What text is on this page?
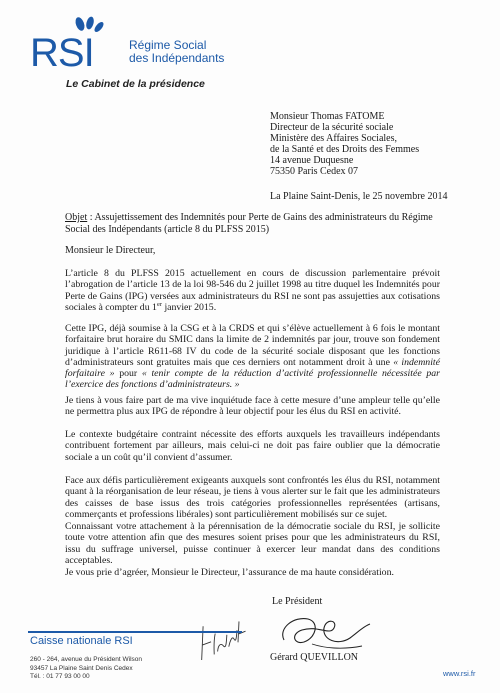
RSI	Régime Social
des Indépendants
Le Cabinet de la présidence
Monsieur Thomas FATOME
Directeur de la sécurité sociale
Ministère des Affaires Sociales,
de la Santé et des Droits des Femmes
14 avenue Duquesne
75350 Paris Cedex 07
La Plaine Saint-Denis, le 25 novembre 2014
Objet : Assujettissement des Indemnités pour Perte de Gains des administrateurs du Régime Social des Indépendants (article 8 du PLFSS 2015)
Monsieur le Directeur,
L’article 8 du PLFSS 2015 actuellement en cours de discussion parlementaire prévoit l’abrogation de l’article 13 de la loi 98-546 du 2 juillet 1998 au titre duquel les Indemnités pour Perte de Gains (IPG) versées aux administrateurs du RSI ne sont pas assujetties aux cotisations sociales à compter du 1er janvier 2015.
Cette IPG, déjà soumise à la CSG et à la CRDS et qui s’élève actuellement à 6 fois le montant forfaitaire brut horaire du SMIC dans la limite de 2 indemnités par jour, trouve son fondement juridique à l’article R611-68 IV du code de la sécurité sociale disposant que les fonctions d’administrateurs sont gratuites mais que ces derniers ont notamment droit à une « indemnité forfaitaire » pour « tenir compte de la réduction d’activité professionnelle nécessitée par l’exercice des fonctions d’administrateurs. »
Je tiens à vous faire part de ma vive inquiétude face à cette mesure d’une ampleur telle qu’elle ne permettra plus aux IPG de répondre à leur objectif pour les élus du RSI en activité.
Le contexte budgétaire contraint nécessite des efforts auxquels les travailleurs indépendants contribuent fortement par ailleurs, mais celui-ci ne doit pas faire oublier que la démocratie sociale a un coût qu’il convient d’assumer.
Face aux défis particulièrement exigeants auxquels sont confrontés les élus du RSI, notamment quant à la réorganisation de leur réseau, je tiens à vous alerter sur le fait que les administrateurs des caisses de base issus des trois catégories professionnelles représentées (artisans, commerçants et professions libérales) sont particulièrement mobilisés sur ce sujet.
Connaissant votre attachement à la pérennisation de la démocratie sociale du RSI, je sollicite toute votre attention afin que des mesures soient prises pour que les administrateurs du RSI, issu du suffrage universel, puisse continuer à exercer leur mandat dans des conditions acceptables.
Je vous prie d’agréer, Monsieur le Directeur, l’assurance de ma haute considération.
Le Président
Gérard QUEVILLON
Caisse nationale RSI
260 - 264, avenue du Président Wilson
93457 La Plaine Saint Denis Cedex
Tél. : 01 77 93 00 00	www.rsi.fr
